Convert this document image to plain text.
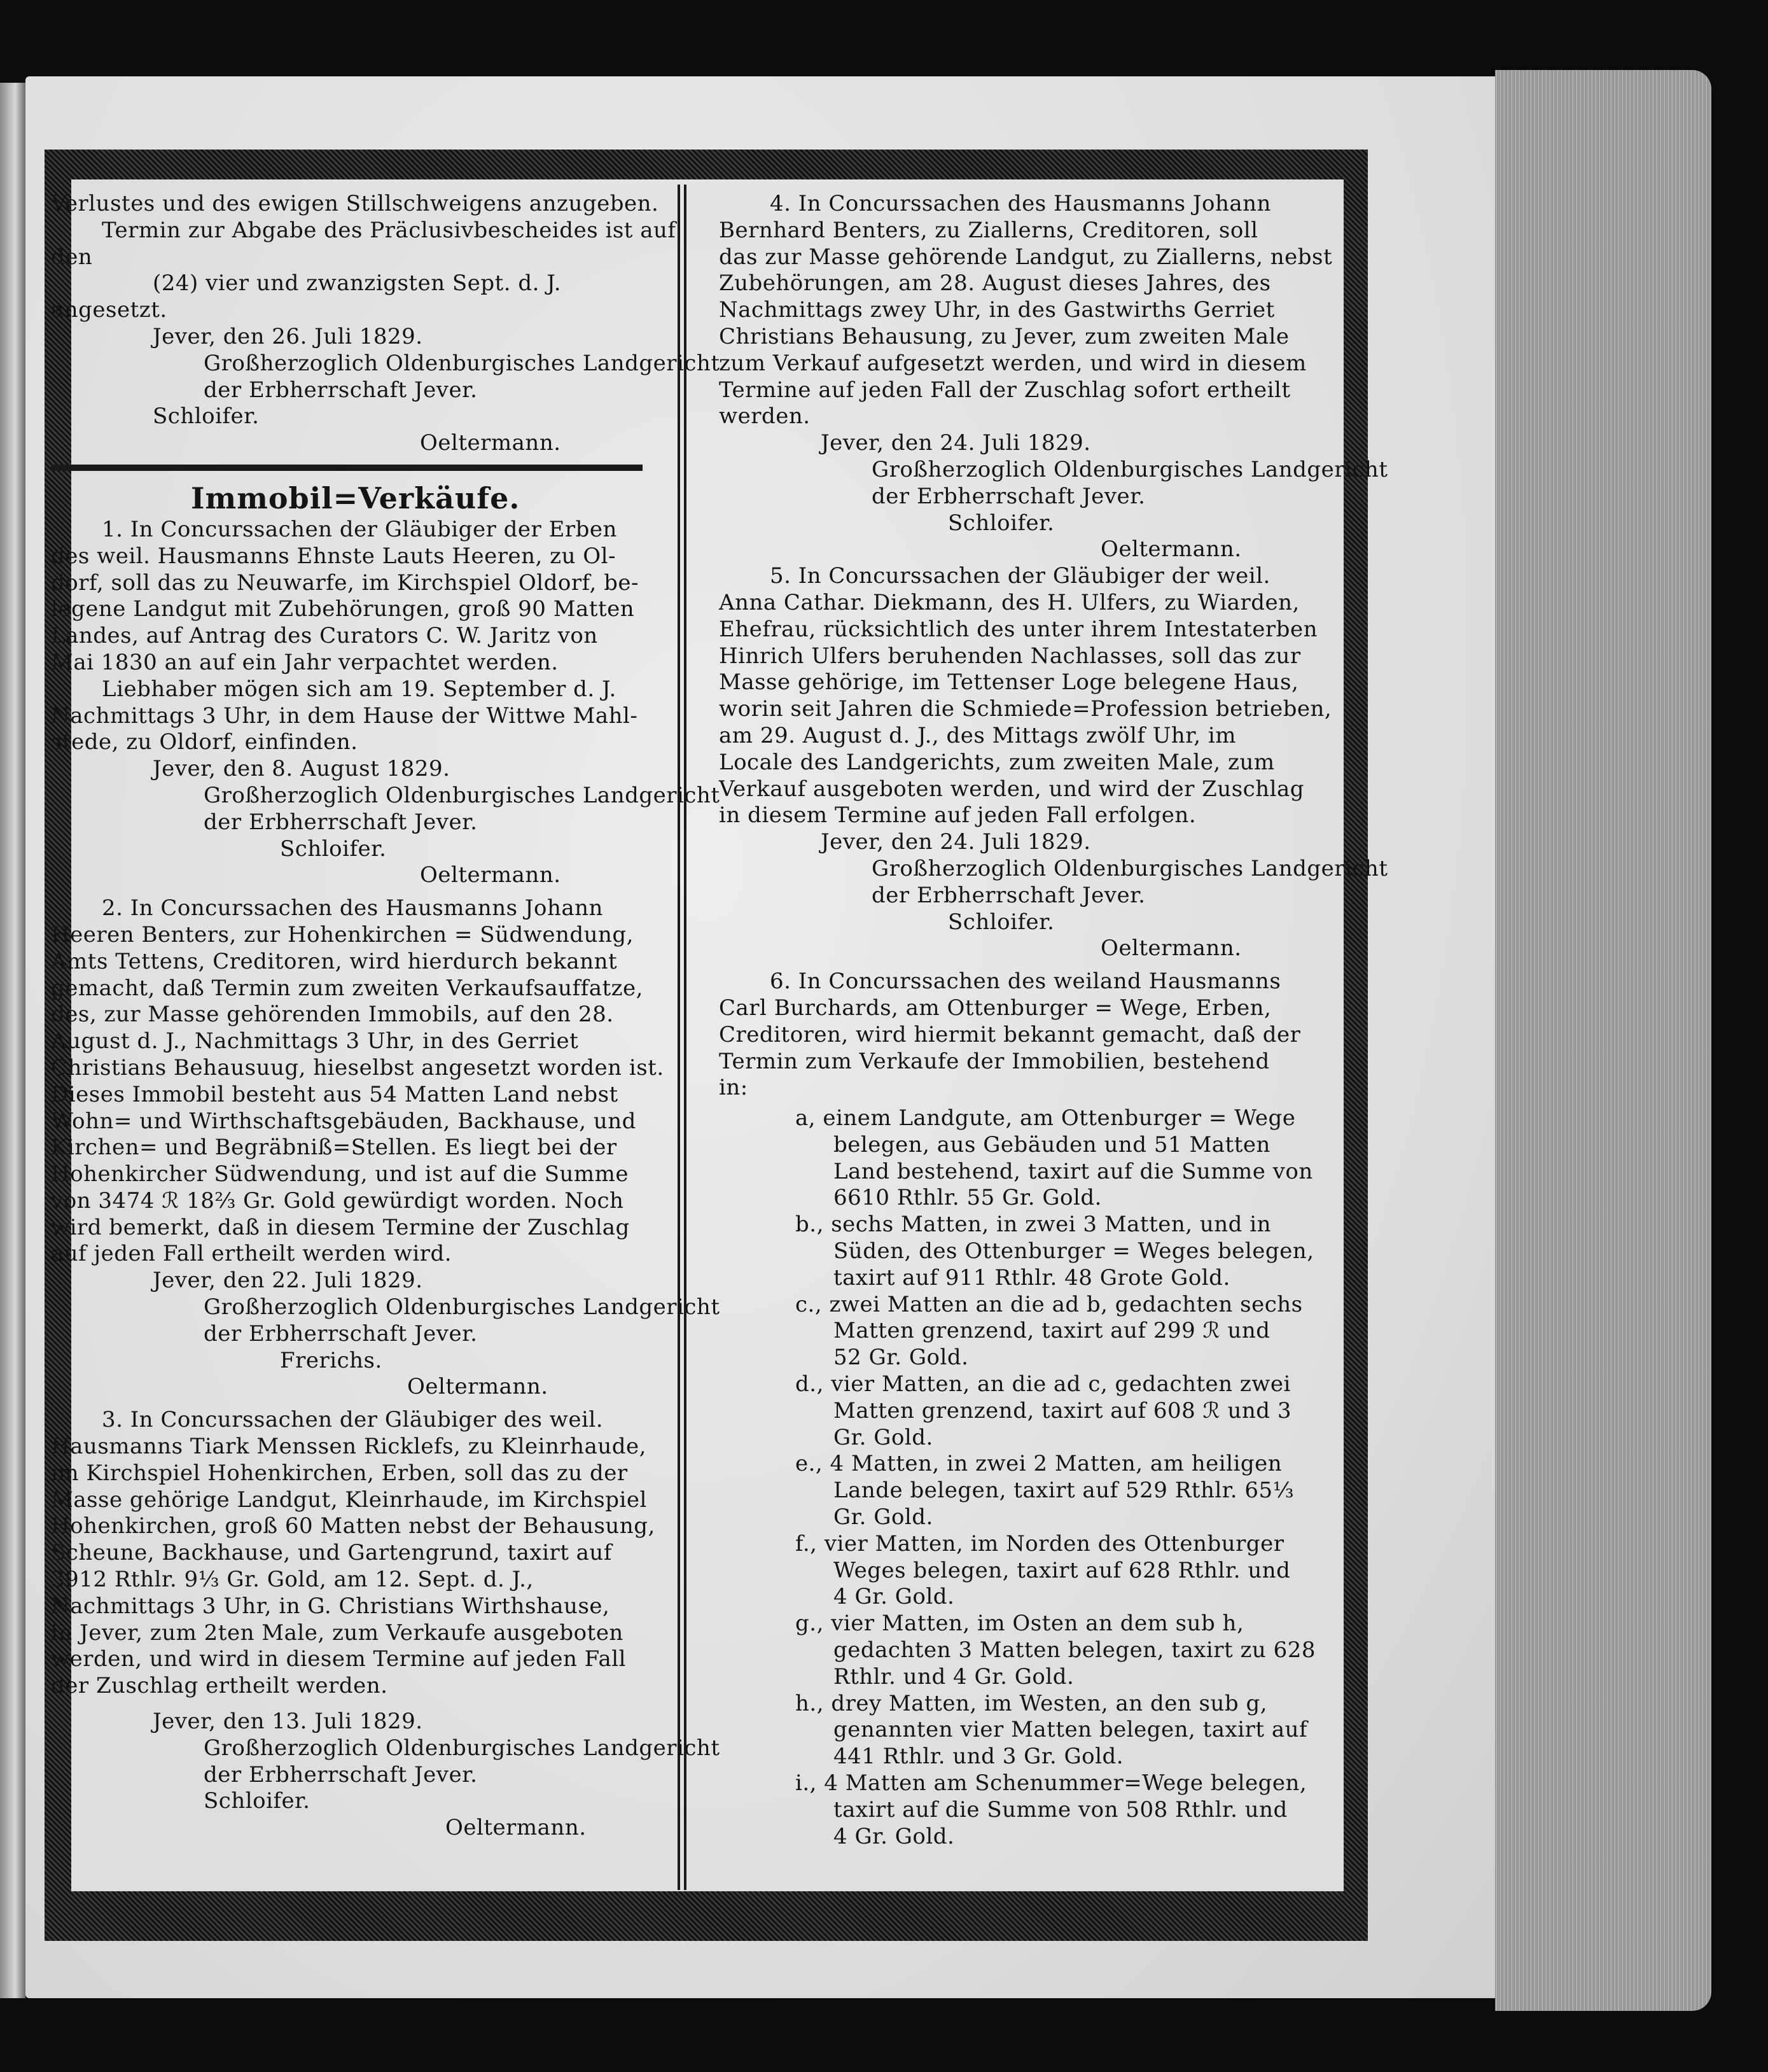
Verlustes und des ewigen Stillschweigens anzugeben.

Termin zur Abgabe des Präclusivbescheides ist auf

den

(24) vier und zwanzigsten Sept. d. J.

angesetzt.

Jever, den 26. Juli 1829.

Großherzoglich Oldenburgisches Landgericht

der Erbherrschaft Jever.

Schloifer.

Oeltermann.

Immobil=Verkäufe.

1. In Concurssachen der Gläubiger der Erben

des weil. Hausmanns Ehnste Lauts Heeren, zu Ol-

dorf, soll das zu Neuwarfe, im Kirchspiel Oldorf, be-

legene Landgut mit Zubehörungen, groß 90 Matten

Landes, auf Antrag des Curators C. W. Jaritz von

Mai 1830 an auf ein Jahr verpachtet werden.

Liebhaber mögen sich am 19. September d. J.

Nachmittags 3 Uhr, in dem Hause der Wittwe Mahl-

stede, zu Oldorf, einfinden.

Jever, den 8. August 1829.

Großherzoglich Oldenburgisches Landgericht

der Erbherrschaft Jever.

Schloifer.

Oeltermann.

2. In Concurssachen des Hausmanns Johann

Heeren Benters, zur Hohenkirchen = Südwendung,

Amts Tettens, Creditoren, wird hierdurch bekannt

gemacht, daß Termin zum zweiten Verkaufsauffatze,

des, zur Masse gehörenden Immobils, auf den 28.

August d. J., Nachmittags 3 Uhr, in des Gerriet

Christians Behausuug, hieselbst angesetzt worden ist.

Dieses Immobil besteht aus 54 Matten Land nebst

Wohn= und Wirthschaftsgebäuden, Backhause, und

Kirchen= und Begräbniß=Stellen. Es liegt bei der

Hohenkircher Südwendung, und ist auf die Summe

von 3474 ℛ 18⅔ Gr. Gold gewürdigt worden. Noch

wird bemerkt, daß in diesem Termine der Zuschlag

auf jeden Fall ertheilt werden wird.

Jever, den 22. Juli 1829.

Großherzoglich Oldenburgisches Landgericht

der Erbherrschaft Jever.

Frerichs.

Oeltermann.

3. In Concurssachen der Gläubiger des weil.

Hausmanns Tiark Menssen Ricklefs, zu Kleinrhaude,

im Kirchspiel Hohenkirchen, Erben, soll das zu der

Masse gehörige Landgut, Kleinrhaude, im Kirchspiel

Hohenkirchen, groß 60 Matten nebst der Behausung,

Scheune, Backhause, und Gartengrund, taxirt auf

3912 Rthlr. 9⅓ Gr. Gold, am 12. Sept. d. J.,

Nachmittags 3 Uhr, in G. Christians Wirthshause,

in Jever, zum 2ten Male, zum Verkaufe ausgeboten

werden, und wird in diesem Termine auf jeden Fall

der Zuschlag ertheilt werden.

Jever, den 13. Juli 1829.

Großherzoglich Oldenburgisches Landgericht

der Erbherrschaft Jever.

Schloifer.

Oeltermann.

4. In Concurssachen des Hausmanns Johann

Bernhard Benters, zu Ziallerns, Creditoren, soll

das zur Masse gehörende Landgut, zu Ziallerns, nebst

Zubehörungen, am 28. August dieses Jahres, des

Nachmittags zwey Uhr, in des Gastwirths Gerriet

Christians Behausung, zu Jever, zum zweiten Male

zum Verkauf aufgesetzt werden, und wird in diesem

Termine auf jeden Fall der Zuschlag sofort ertheilt

werden.

Jever, den 24. Juli 1829.

Großherzoglich Oldenburgisches Landgericht

der Erbherrschaft Jever.

Schloifer.

Oeltermann.

5. In Concurssachen der Gläubiger der weil.

Anna Cathar. Diekmann, des H. Ulfers, zu Wiarden,

Ehefrau, rücksichtlich des unter ihrem Intestaterben

Hinrich Ulfers beruhenden Nachlasses, soll das zur

Masse gehörige, im Tettenser Loge belegene Haus,

worin seit Jahren die Schmiede=Profession betrieben,

am 29. August d. J., des Mittags zwölf Uhr, im

Locale des Landgerichts, zum zweiten Male, zum

Verkauf ausgeboten werden, und wird der Zuschlag

in diesem Termine auf jeden Fall erfolgen.

Jever, den 24. Juli 1829.

Großherzoglich Oldenburgisches Landgericht

der Erbherrschaft Jever.

Schloifer.

Oeltermann.

6. In Concurssachen des weiland Hausmanns

Carl Burchards, am Ottenburger = Wege, Erben,

Creditoren, wird hiermit bekannt gemacht, daß der

Termin zum Verkaufe der Immobilien, bestehend

in:

a, einem Landgute, am Ottenburger = Wege

belegen, aus Gebäuden und 51 Matten

Land bestehend, taxirt auf die Summe von

6610 Rthlr. 55 Gr. Gold.

b., sechs Matten, in zwei 3 Matten, und in

Süden, des Ottenburger = Weges belegen,

taxirt auf 911 Rthlr. 48 Grote Gold.

c., zwei Matten an die ad b, gedachten sechs

Matten grenzend, taxirt auf 299 ℛ und

52 Gr. Gold.

d., vier Matten, an die ad c, gedachten zwei

Matten grenzend, taxirt auf 608 ℛ und 3

Gr. Gold.

e., 4 Matten, in zwei 2 Matten, am heiligen

Lande belegen, taxirt auf 529 Rthlr. 65⅓

Gr. Gold.

f., vier Matten, im Norden des Ottenburger

Weges belegen, taxirt auf 628 Rthlr. und

4 Gr. Gold.

g., vier Matten, im Osten an dem sub h,

gedachten 3 Matten belegen, taxirt zu 628

Rthlr. und 4 Gr. Gold.

h., drey Matten, im Westen, an den sub g,

genannten vier Matten belegen, taxirt auf

441 Rthlr. und 3 Gr. Gold.

i., 4 Matten am Schenummer=Wege belegen,

taxirt auf die Summe von 508 Rthlr. und

4 Gr. Gold.
